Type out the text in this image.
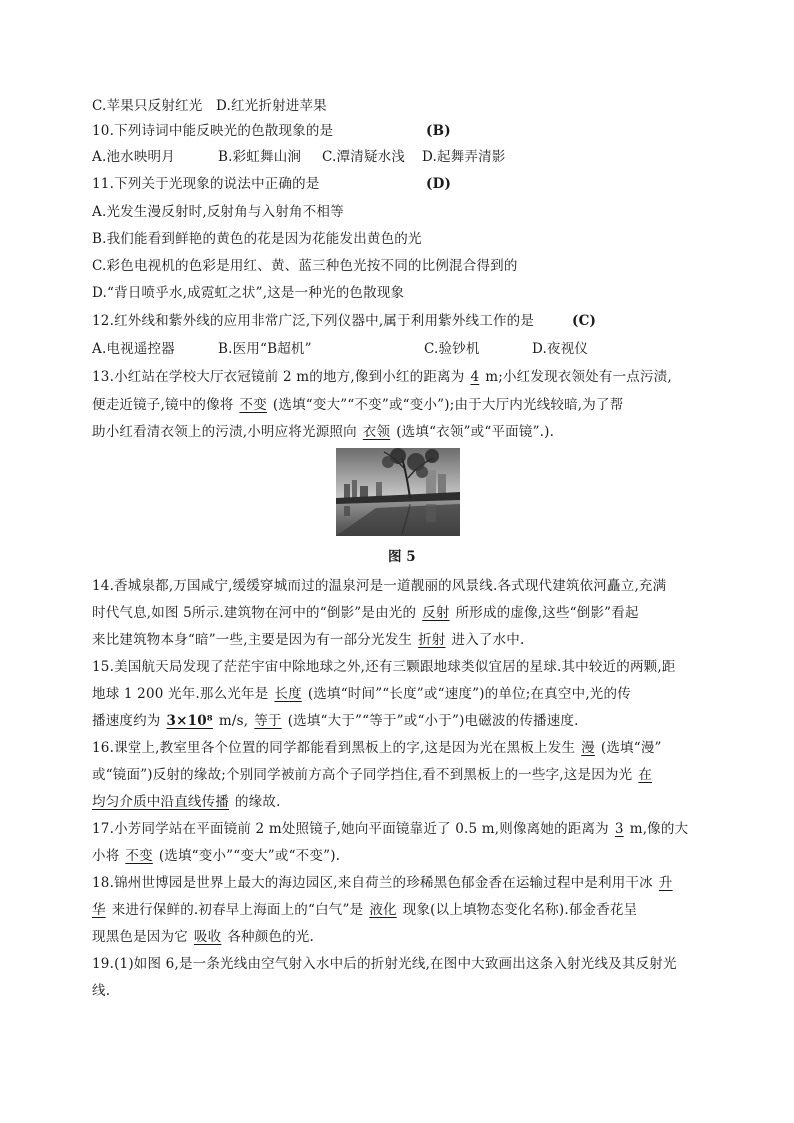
C.苹果只反射红光 D.红光折射进苹果
10.下列诗词中能反映光的色散现象的是	(B)
A.池水映明月	B.彩虹舞山涧 C.潭清疑水浅 D.起舞弄清影
11.下列关于光现象的说法中正确的是	(D)
A.光发生漫反射时,反射角与入射角不相等
B.我们能看到鲜艳的黄色的花是因为花能发出黄色的光
C.彩色电视机的色彩是用红、黄、蓝三种色光按不同的比例混合得到的
D.“背日喷乎水,成霓虹之状”,这是一种光的色散现象
12.红外线和紫外线的应用非常广泛,下列仪器中,属于利用紫外线工作的是	(C)
A.电视遥控器	B.医用“B超机”	C.验钞机	D.夜视仪
13.小红站在学校大厅衣冠镜前 2 m的地方,像到小红的距离为 4 m;小红发现衣领处有一点污渍,
便走近镜子,镜中的像将 不变 (选填“变大”“不变”或“变小”);由于大厅内光线较暗,为了帮
助小红看清衣领上的污渍,小明应将光源照向 衣领 (选填“衣领”或“平面镜”.).
图 5
14.香城泉都,万国咸宁,缓缓穿城而过的温泉河是一道靓丽的风景线.各式现代建筑依河矗立,充满
时代气息,如图 5所示.建筑物在河中的“倒影”是由光的 反射 所形成的虚像,这些“倒影”看起
来比建筑物本身“暗”一些,主要是因为有一部分光发生 折射 进入了水中.
15.美国航天局发现了茫茫宇宙中除地球之外,还有三颗跟地球类似宜居的星球.其中较近的两颗,距
地球 1 200 光年.那么光年是 长度 (选填“时间”“长度”或“速度”)的单位;在真空中,光的传
播速度约为 3×10⁸ m/s, 等于 (选填“大于”“等于”或“小于”)电磁波的传播速度.
16.课堂上,教室里各个位置的同学都能看到黑板上的字,这是因为光在黑板上发生 漫 (选填“漫”
或“镜面”)反射的缘故;个别同学被前方高个子同学挡住,看不到黑板上的一些字,这是因为光 在
均匀介质中沿直线传播 的缘故.
17.小芳同学站在平面镜前 2 m处照镜子,她向平面镜靠近了 0.5 m,则像离她的距离为 3 m,像的大
小将 不变 (选填“变小”“变大”或“不变”).
18.锦州世博园是世界上最大的海边园区,来自荷兰的珍稀黑色郁金香在运输过程中是利用干冰 升
华 来进行保鲜的.初春早上海面上的“白气”是 液化 现象(以上填物态变化名称).郁金香花呈
现黑色是因为它 吸收 各种颜色的光.
19.(1)如图 6,是一条光线由空气射入水中后的折射光线,在图中大致画出这条入射光线及其反射光
线.
